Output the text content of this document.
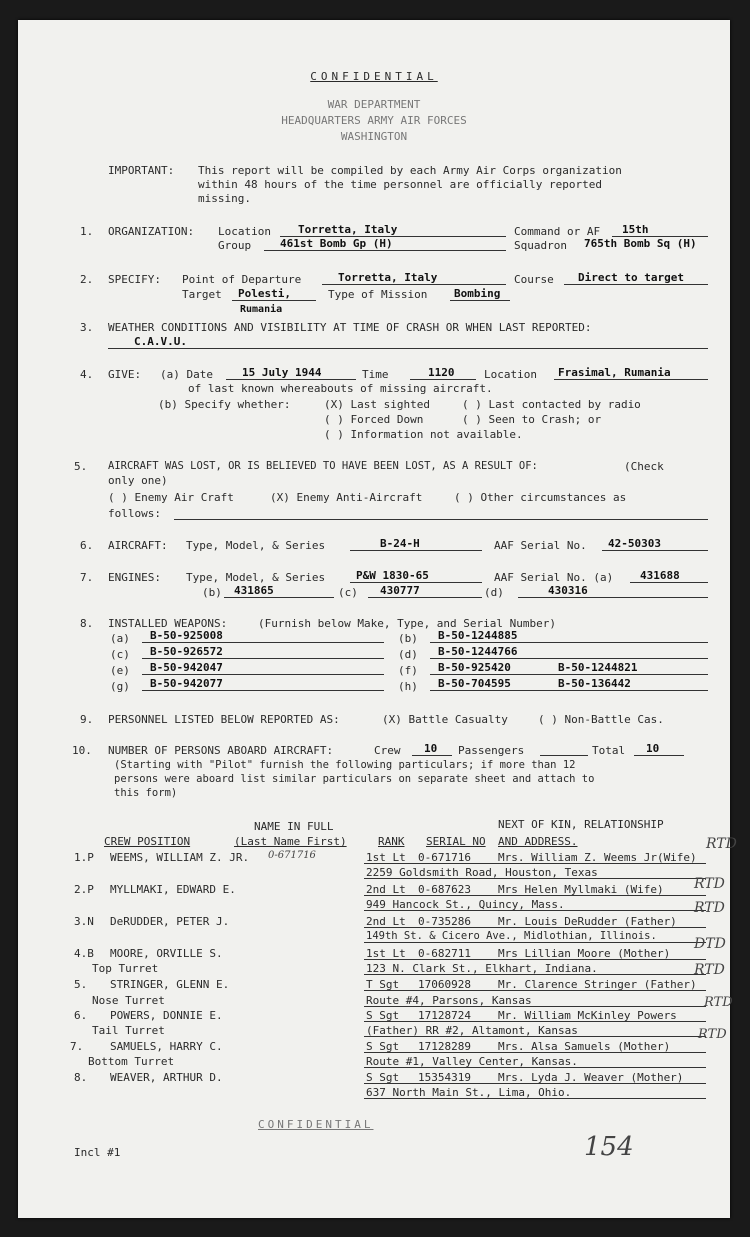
CONFIDENTIAL
WAR DEPARTMENT
HEADQUARTERS ARMY AIR FORCES
WASHINGTON
IMPORTANT: This report will be compiled by each Army Air Corps organization
within 48 hours of the time personnel are officially reported
missing.
1. ORGANIZATION: Location Torretta, Italy	Command or AF 15th
Group	461st Bomb Gp (H)	Squadron 765th Bomb Sq (H)
2. SPECIFY: Point of Departure	Torretta, Italy	Course Direct to target
Target Polesti,
Rumania
Type of Mission Bombing
3. WEATHER CONDITIONS AND VISIBILITY AT TIME OF CRASH OR WHEN LAST REPORTED:
C.A.V.U.
4. GIVE: (a) Date	15 July 1944	Time	1120	Location Frasimal, Rumania
of last known whereabouts of missing aircraft.
(b) Specify whether:	(X) Last sighted	( ) Last contacted by radio
( ) Forced Down	( ) Seen to Crash; or
( ) Information not available.
5. AIRCRAFT WAS LOST, OR IS BELIEVED TO HAVE BEEN LOST, AS A RESULT OF:	(Check
only one)
( ) Enemy Air Craft	(X) Enemy Anti-Aircraft	( ) Other circumstances as
follows:
6. AIRCRAFT: Type, Model, & Series	B-24-H	AAF Serial No. 42-50303
7. ENGINES: Type, Model, & Series	P&W 1830-65	AAF Serial No. (a) 431688
(b) 431865	(c) 430777	(d)	430316
8. INSTALLED WEAPONS:	(Furnish below Make, Type, and Serial Number)
(a) B-50-925008	(b) B-50-1244885
(c) B-50-926572	(d) B-50-1244766
(e) B-50-942047	(f) B-50-925420	B-50-1244821
(g) B-50-942077	(h) B-50-704595	B-50-136442
9. PERSONNEL LISTED BELOW REPORTED AS:	(X) Battle Casualty	( ) Non-Battle Cas.
10. NUMBER OF PERSONS ABOARD AIRCRAFT:	Crew 10 Passengers	Total 10
(Starting with "Pilot" furnish the following particulars; if more than 12
persons were aboard list similar particulars on separate sheet and attach to
this form)
NAME IN FULL	NEXT OF KIN, RELATIONSHIP
CREW POSITION	(Last Name First)	RANK SERIAL NO AND ADDRESS.
1.P WEEMS, WILLIAM Z. JR. 0-671716	1st Lt 0-671716 Mrs. William Z. Weems Jr(Wife)
RTD
2259 Goldsmith Road, Houston, Texas
2.P MYLLMAKI, EDWARD E.	2nd Lt 0-687623 Mrs Helen Myllmaki (Wife) RTD
949 Hancock St., Quincy, Mass.
3.N DeRUDDER, PETER J.	2nd Lt 0-735286 Mr. Louis DeRudder (Father)
RTD
149th St. & Cicero Ave., Midlothian, Illinois.
4.B MOORE, ORVILLE S.	1st Lt 0-682711 Mrs Lillian Moore (Mother)
DTD
Top Turret	123 N. Clark St., Elkhart, Indiana.
5. STRINGER, GLENN E.	T Sgt 17060928 Mr. Clarence Stringer (Father)
RTD
Nose Turret	Route #4, Parsons, Kansas
6. POWERS, DONNIE E.	S Sgt 17128724 Mr. William McKinley Powers
RTD
Tail Turret	(Father) RR #2, Altamont, Kansas
7. SAMUELS, HARRY C.	S Sgt 17128289 Mrs. Alsa Samuels (Mother)
RTD
Bottom Turret	Route #1, Valley Center, Kansas.
8. WEAVER, ARTHUR D.	S Sgt 15354319 Mrs. Lyda J. Weaver (Mother)
637 North Main St., Lima, Ohio.
CONFIDENTIAL
Incl #1	154
